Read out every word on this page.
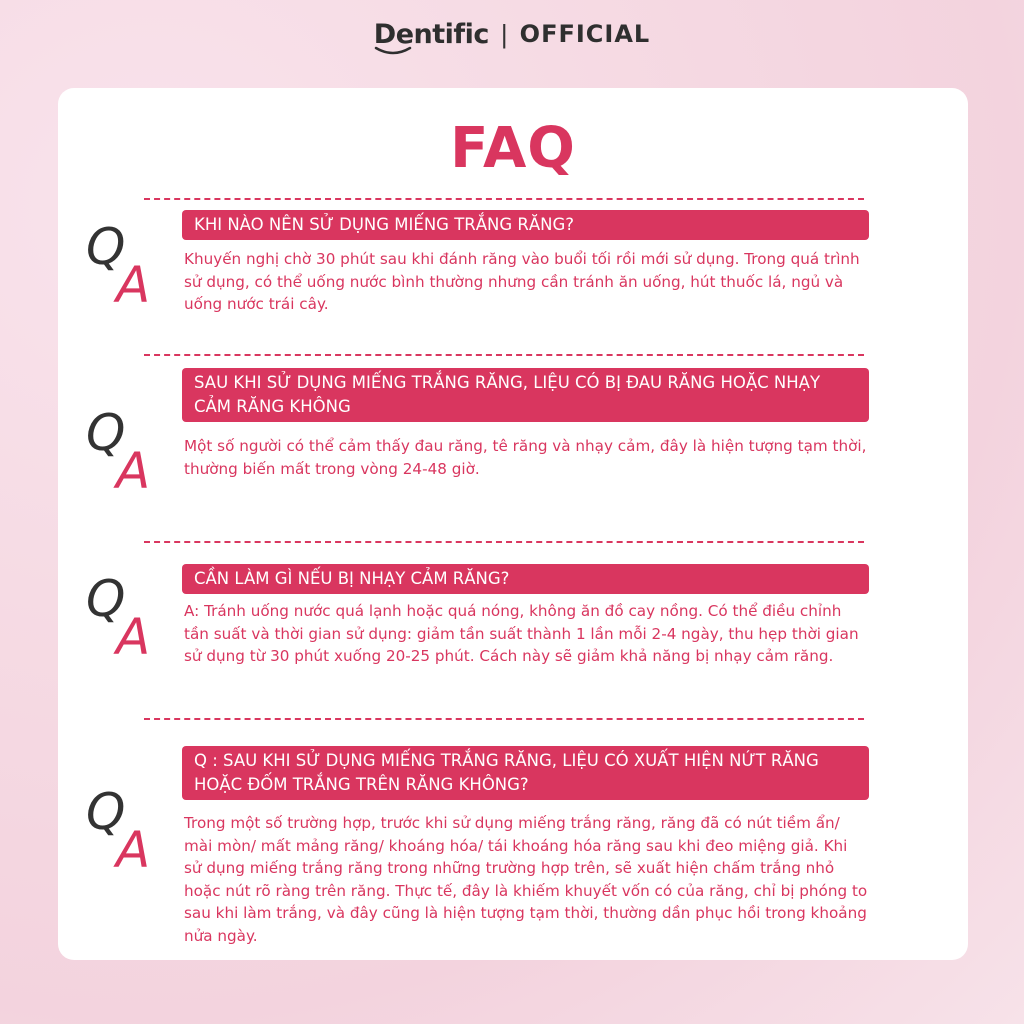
Dentific | OFFICIAL
FAQ
Q
A
KHI NÀO NÊN SỬ DỤNG MIẾNG TRẮNG RĂNG?
Khuyến nghị chờ 30 phút sau khi đánh răng vào buổi tối rồi mới sử dụng. Trong quá trình sử dụng, có thể uống nước bình thường nhưng cần tránh ăn uống, hút thuốc lá, ngủ và uống nước trái cây.
Q
A
SAU KHI SỬ DỤNG MIẾNG TRẮNG RĂNG, LIỆU CÓ BỊ ĐAU RĂNG HOẶC NHẠY CẢM RĂNG KHÔNG
Một số người có thể cảm thấy đau răng, tê răng và nhạy cảm, đây là hiện tượng tạm thời, thường biến mất trong vòng 24-48 giờ.
Q
A
CẦN LÀM GÌ NẾU BỊ NHẠY CẢM RĂNG?
A: Tránh uống nước quá lạnh hoặc quá nóng, không ăn đồ cay nồng. Có thể điều chỉnh tần suất và thời gian sử dụng: giảm tần suất thành 1 lần mỗi 2-4 ngày, thu hẹp thời gian sử dụng từ 30 phút xuống 20-25 phút. Cách này sẽ giảm khả năng bị nhạy cảm răng.
Q
A
Q : SAU KHI SỬ DỤNG MIẾNG TRẮNG RĂNG, LIỆU CÓ XUẤT HIỆN NỨT RĂNG HOẶC ĐỐM TRẮNG TRÊN RĂNG KHÔNG?
Trong một số trường hợp, trước khi sử dụng miếng trắng răng, răng đã có nút tiềm ẩn/ mài mòn/ mất mảng răng/ khoáng hóa/ tái khoáng hóa răng sau khi đeo miệng giả. Khi sử dụng miếng trắng răng trong những trường hợp trên, sẽ xuất hiện chấm trắng nhỏ hoặc nút rõ ràng trên răng. Thực tế, đây là khiếm khuyết vốn có của răng, chỉ bị phóng to sau khi làm trắng, và đây cũng là hiện tượng tạm thời, thường dần phục hồi trong khoảng nửa ngày.
